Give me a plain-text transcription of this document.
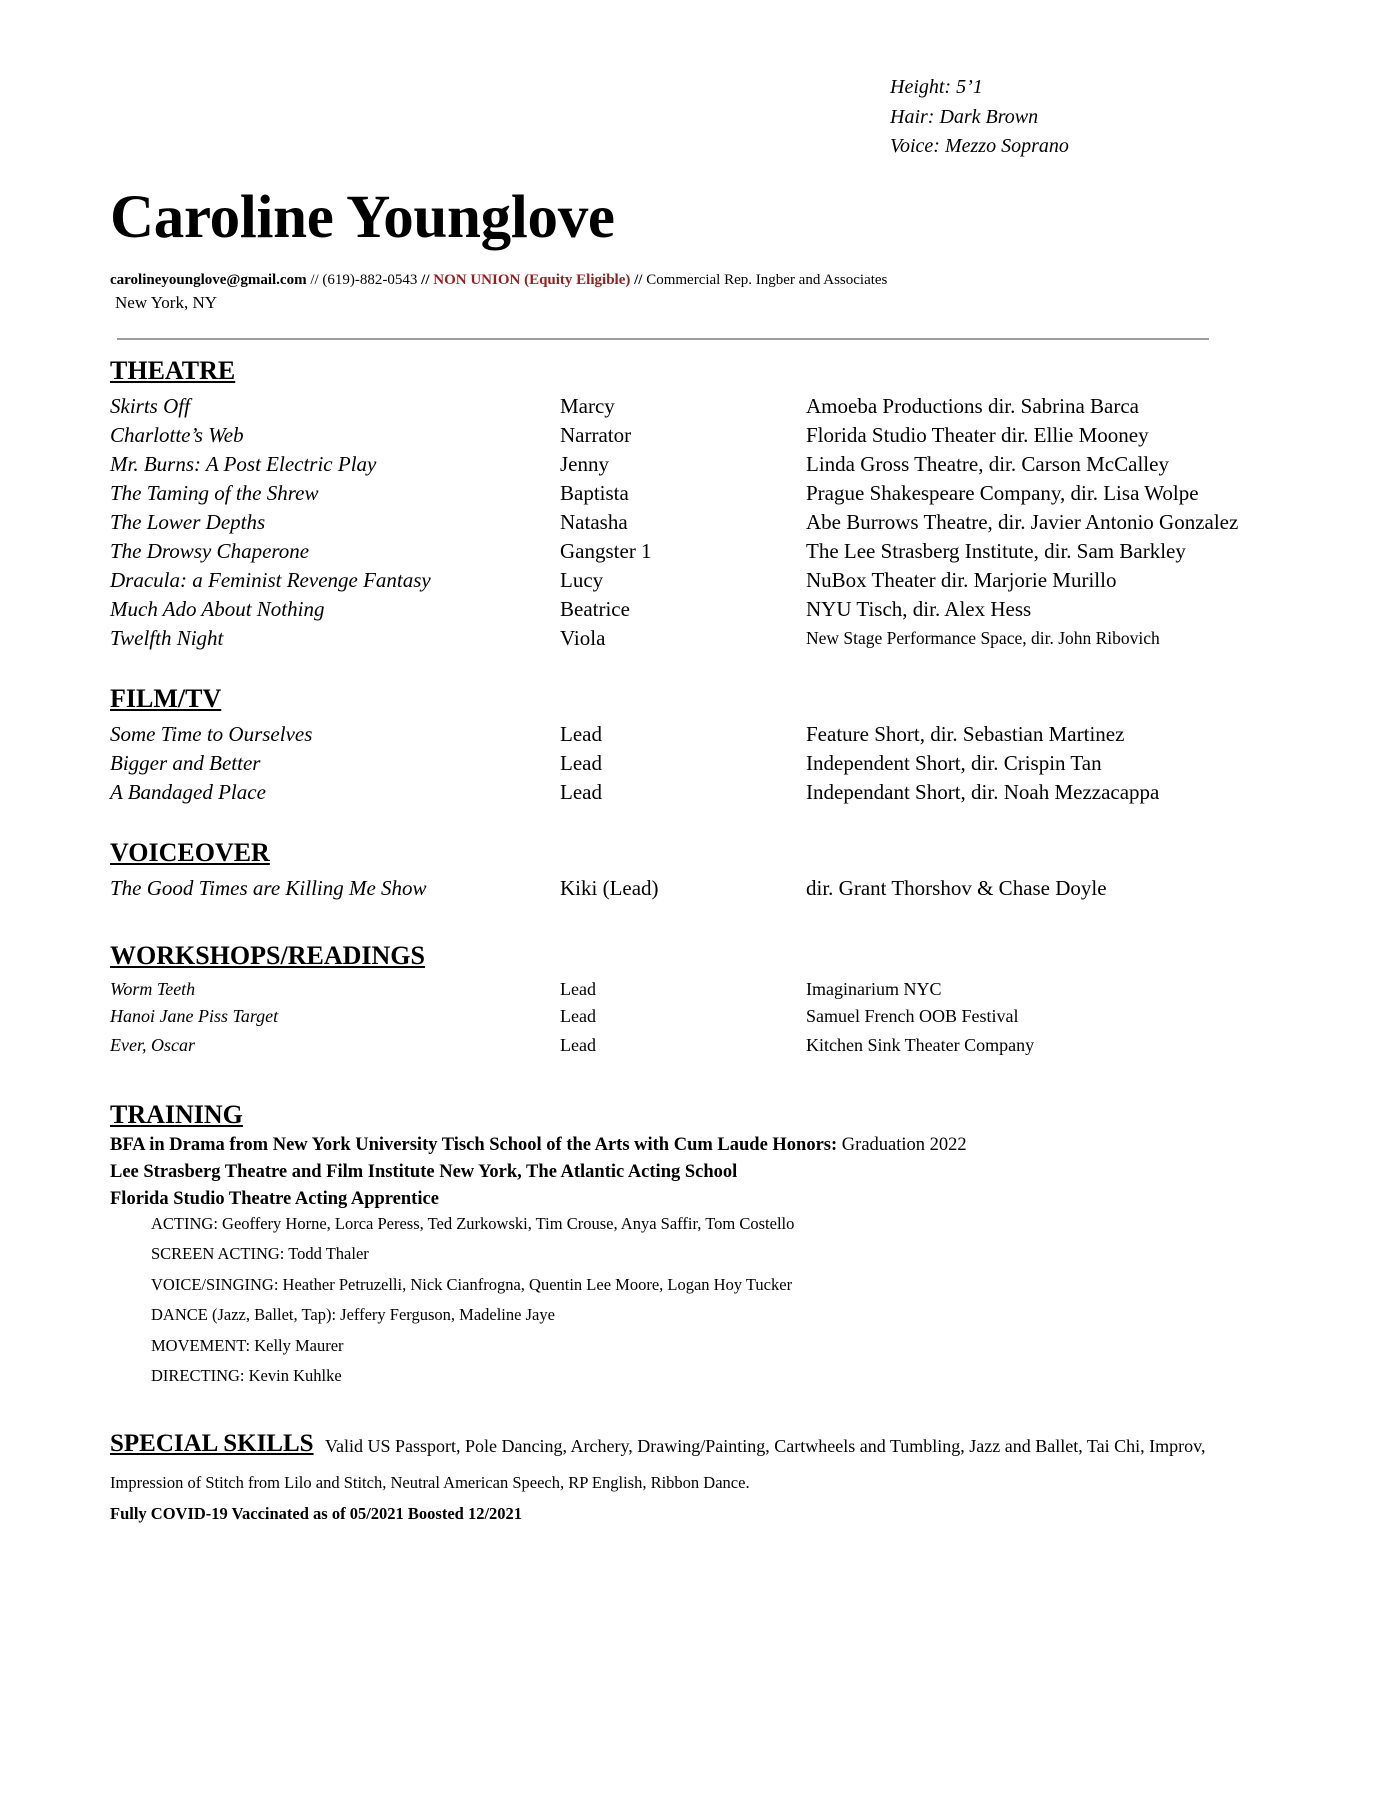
Height: 5’1
Hair: Dark Brown
Voice: Mezzo Soprano
Caroline Younglove
carolineyounglove@gmail.com // (619)-882-0543 // NON UNION (Equity Eligible) // Commercial Rep. Ingber and Associates
New York, NY
THEATRE
Skirts Off	Marcy	Amoeba Productions dir. Sabrina Barca
Charlotte’s Web	Narrator	Florida Studio Theater dir. Ellie Mooney
Mr. Burns: A Post Electric Play	Jenny	Linda Gross Theatre, dir. Carson McCalley
The Taming of the Shrew	Baptista	Prague Shakespeare Company, dir. Lisa Wolpe
The Lower Depths	Natasha	Abe Burrows Theatre, dir. Javier Antonio Gonzalez
The Drowsy Chaperone	Gangster 1	The Lee Strasberg Institute, dir. Sam Barkley
Dracula: a Feminist Revenge Fantasy	Lucy	NuBox Theater dir. Marjorie Murillo
Much Ado About Nothing	Beatrice	NYU Tisch, dir. Alex Hess
Twelfth Night	Viola	New Stage Performance Space, dir. John Ribovich
FILM/TV
Some Time to Ourselves	Lead	Feature Short, dir. Sebastian Martinez
Bigger and Better	Lead	Independent Short, dir. Crispin Tan
A Bandaged Place	Lead	Independant Short, dir. Noah Mezzacappa
VOICEOVER
The Good Times are Killing Me Show	Kiki (Lead)	dir. Grant Thorshov & Chase Doyle
WORKSHOPS/READINGS
Worm Teeth	Lead	Imaginarium NYC
Hanoi Jane Piss Target	Lead	Samuel French OOB Festival
Ever, Oscar	Lead	Kitchen Sink Theater Company
TRAINING
BFA in Drama from New York University Tisch School of the Arts with Cum Laude Honors: Graduation 2022
Lee Strasberg Theatre and Film Institute New York, The Atlantic Acting School
Florida Studio Theatre Acting Apprentice
ACTING: Geoffery Horne, Lorca Peress, Ted Zurkowski, Tim Crouse, Anya Saffir, Tom Costello
SCREEN ACTING: Todd Thaler
VOICE/SINGING: Heather Petruzelli, Nick Cianfrogna, Quentin Lee Moore, Logan Hoy Tucker
DANCE (Jazz, Ballet, Tap): Jeffery Ferguson, Madeline Jaye
MOVEMENT: Kelly Maurer
DIRECTING: Kevin Kuhlke
SPECIAL SKILLS Valid US Passport, Pole Dancing, Archery, Drawing/Painting, Cartwheels and Tumbling, Jazz and Ballet, Tai Chi, Improv,
Impression of Stitch from Lilo and Stitch, Neutral American Speech, RP English, Ribbon Dance.
Fully COVID-19 Vaccinated as of 05/2021 Boosted 12/2021
